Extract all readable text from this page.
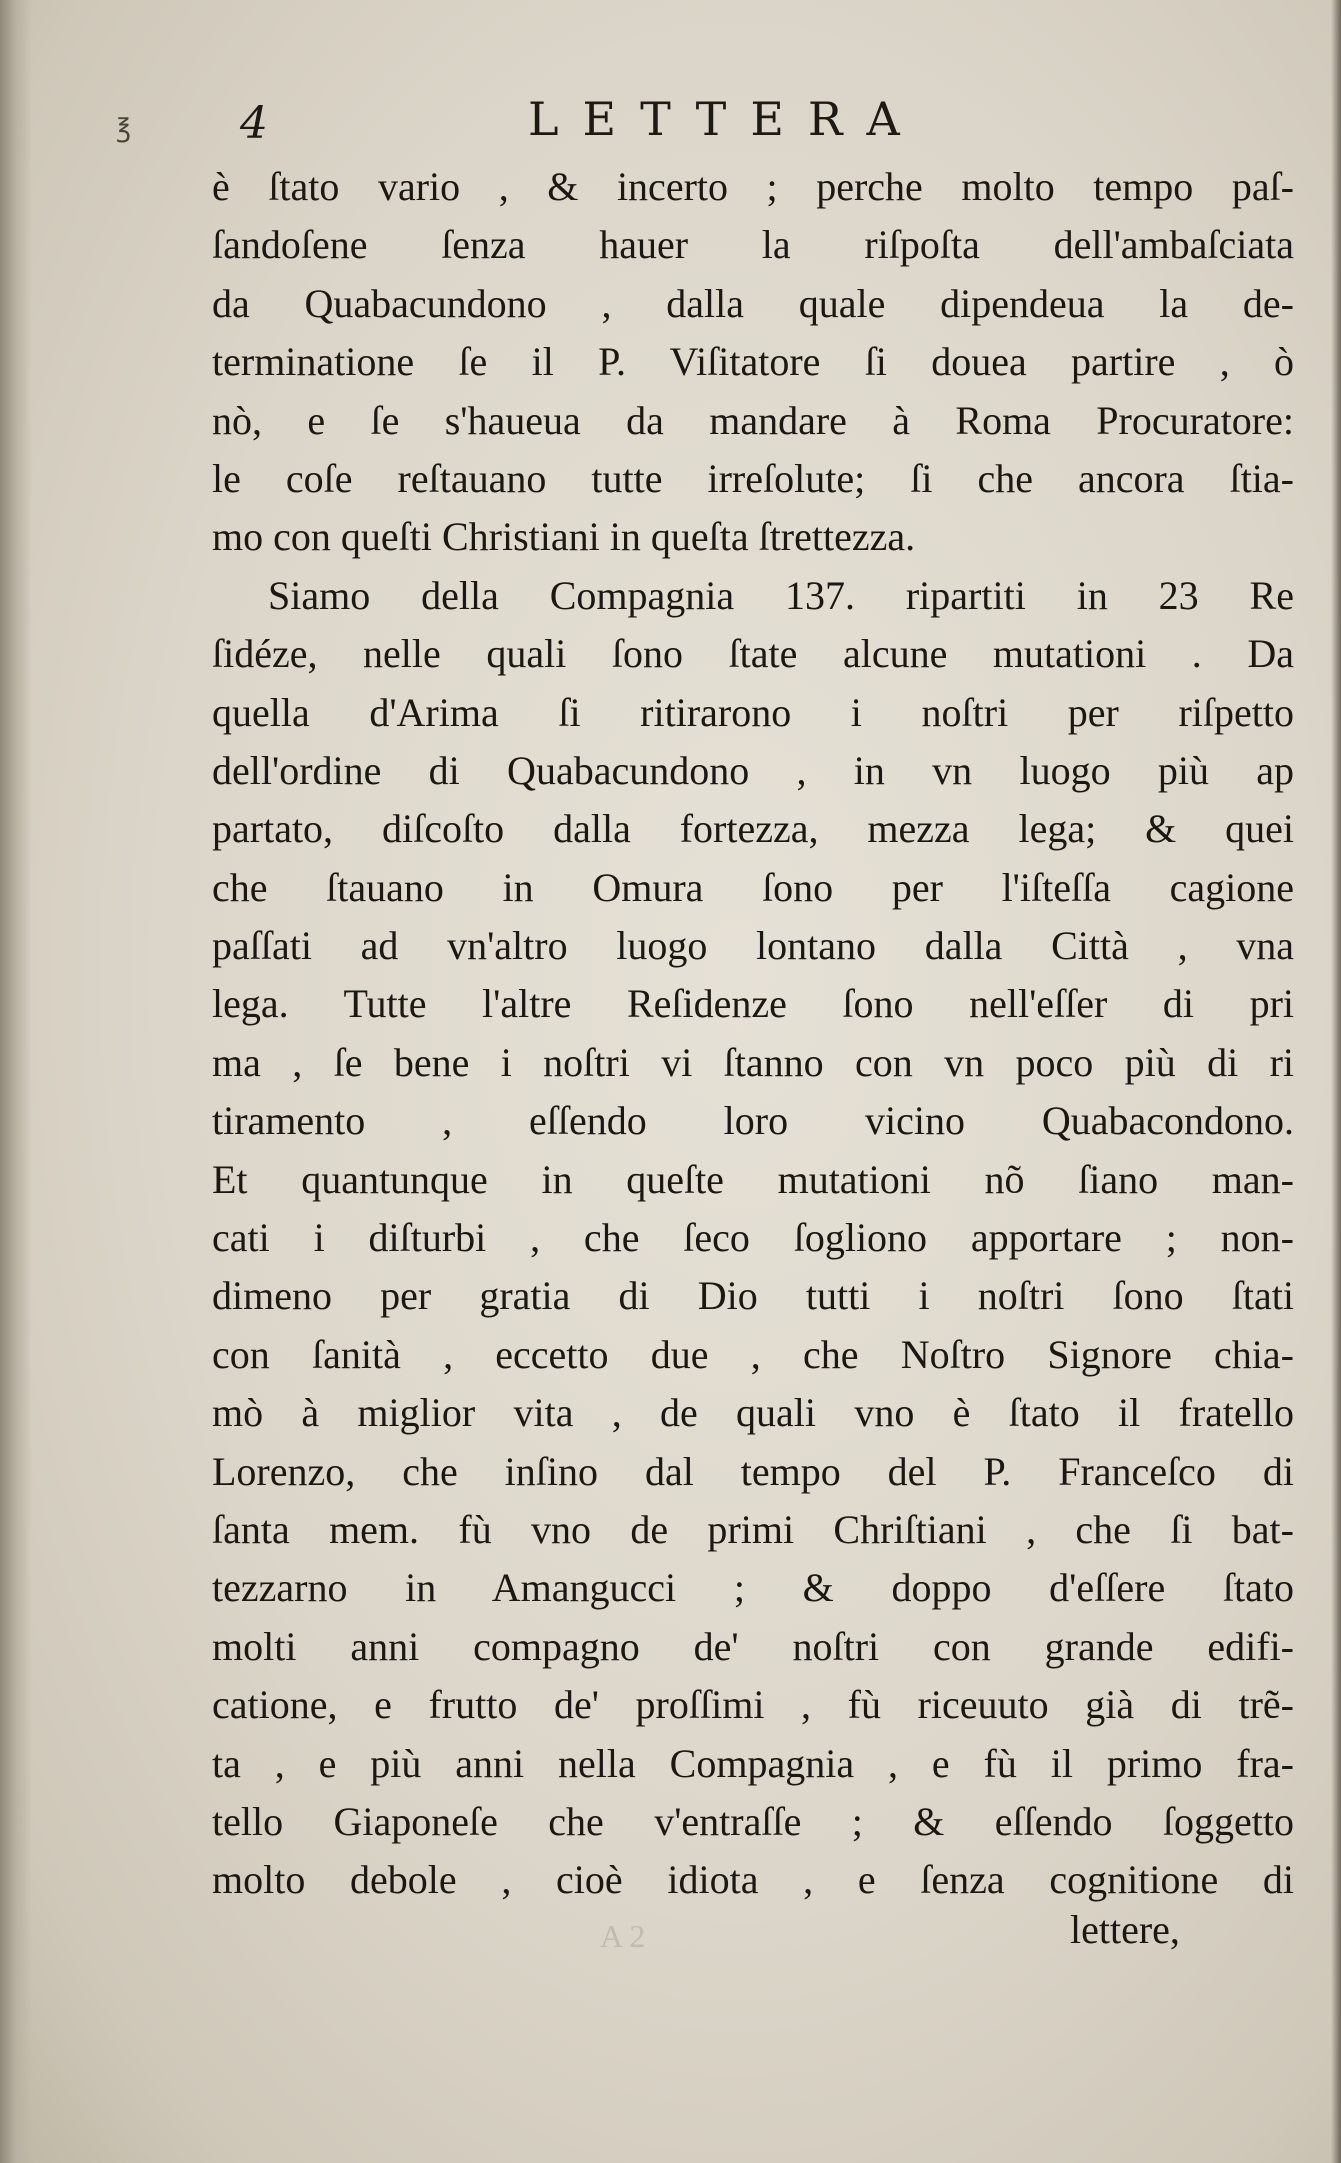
℥ 4	LETTERA
è ſtato vario , & incerto ; perche molto tempo paſ-
ſandoſene ſenza hauer la riſpoſta dell'ambaſciata
da Quabacundono , dalla quale dipendeua la de-
terminatione ſe il P. Viſitatore ſi doueа partire , ò
nò, e ſe s'haueua da mandare à Roma Procuratore:
le coſe reſtauano tutte irreſolute; ſi che ancora ſtia-
mo con queſti Christiani in queſta ſtrettezza.
Siamo della Compagnia 137. ripartiti in 23 Re
ſidéze, nelle quali ſono ſtate alcune mutationi . Da
quella d'Arima ſi ritirarono i noſtri per riſpetto
dell'ordine di Quabacundono , in vn luogo più ap
partato, diſcoſto dalla fortezza, mezza lega; & quei
che ſtauano in Omura ſono per l'iſteſſa cagione
paſſati ad vn'altro luogo lontano dalla Città , vna
lega. Tutte l'altre Reſidenze ſono nell'eſſer di pri
ma , ſe bene i noſtri vi ſtanno con vn poco più di ri
tiramento , eſſendo loro vicino Quabacondono.
Et quantunque in queſte mutationi nõ ſiano man-
cati i diſturbi , che ſeco ſogliono apportare ; non-
dimeno per gratia di Dio tutti i noſtri ſono ſtati
con ſanità , eccetto due , che Noſtro Signore chia-
mò à miglior vita , de quali vno è ſtato il fratello
Lorenzo, che inſino dal tempo del P. Franceſco di
ſanta mem. fù vno de primi Chriſtiani , che ſi bat-
tezzarno in Amangucci ; & doppo d'eſſere ſtato
molti anni compagno de' noſtri con grande edifi-
catione, e frutto de' proſſimi , fù riceuuto già di trẽ-
ta , e più anni nella Compagnia , e fù il primo fra-
tello Giaponeſe che v'entraſſe ; & eſſendo ſoggetto
molto debole , cioè idiota , e ſenza cognitione di
A 2	lettere,
